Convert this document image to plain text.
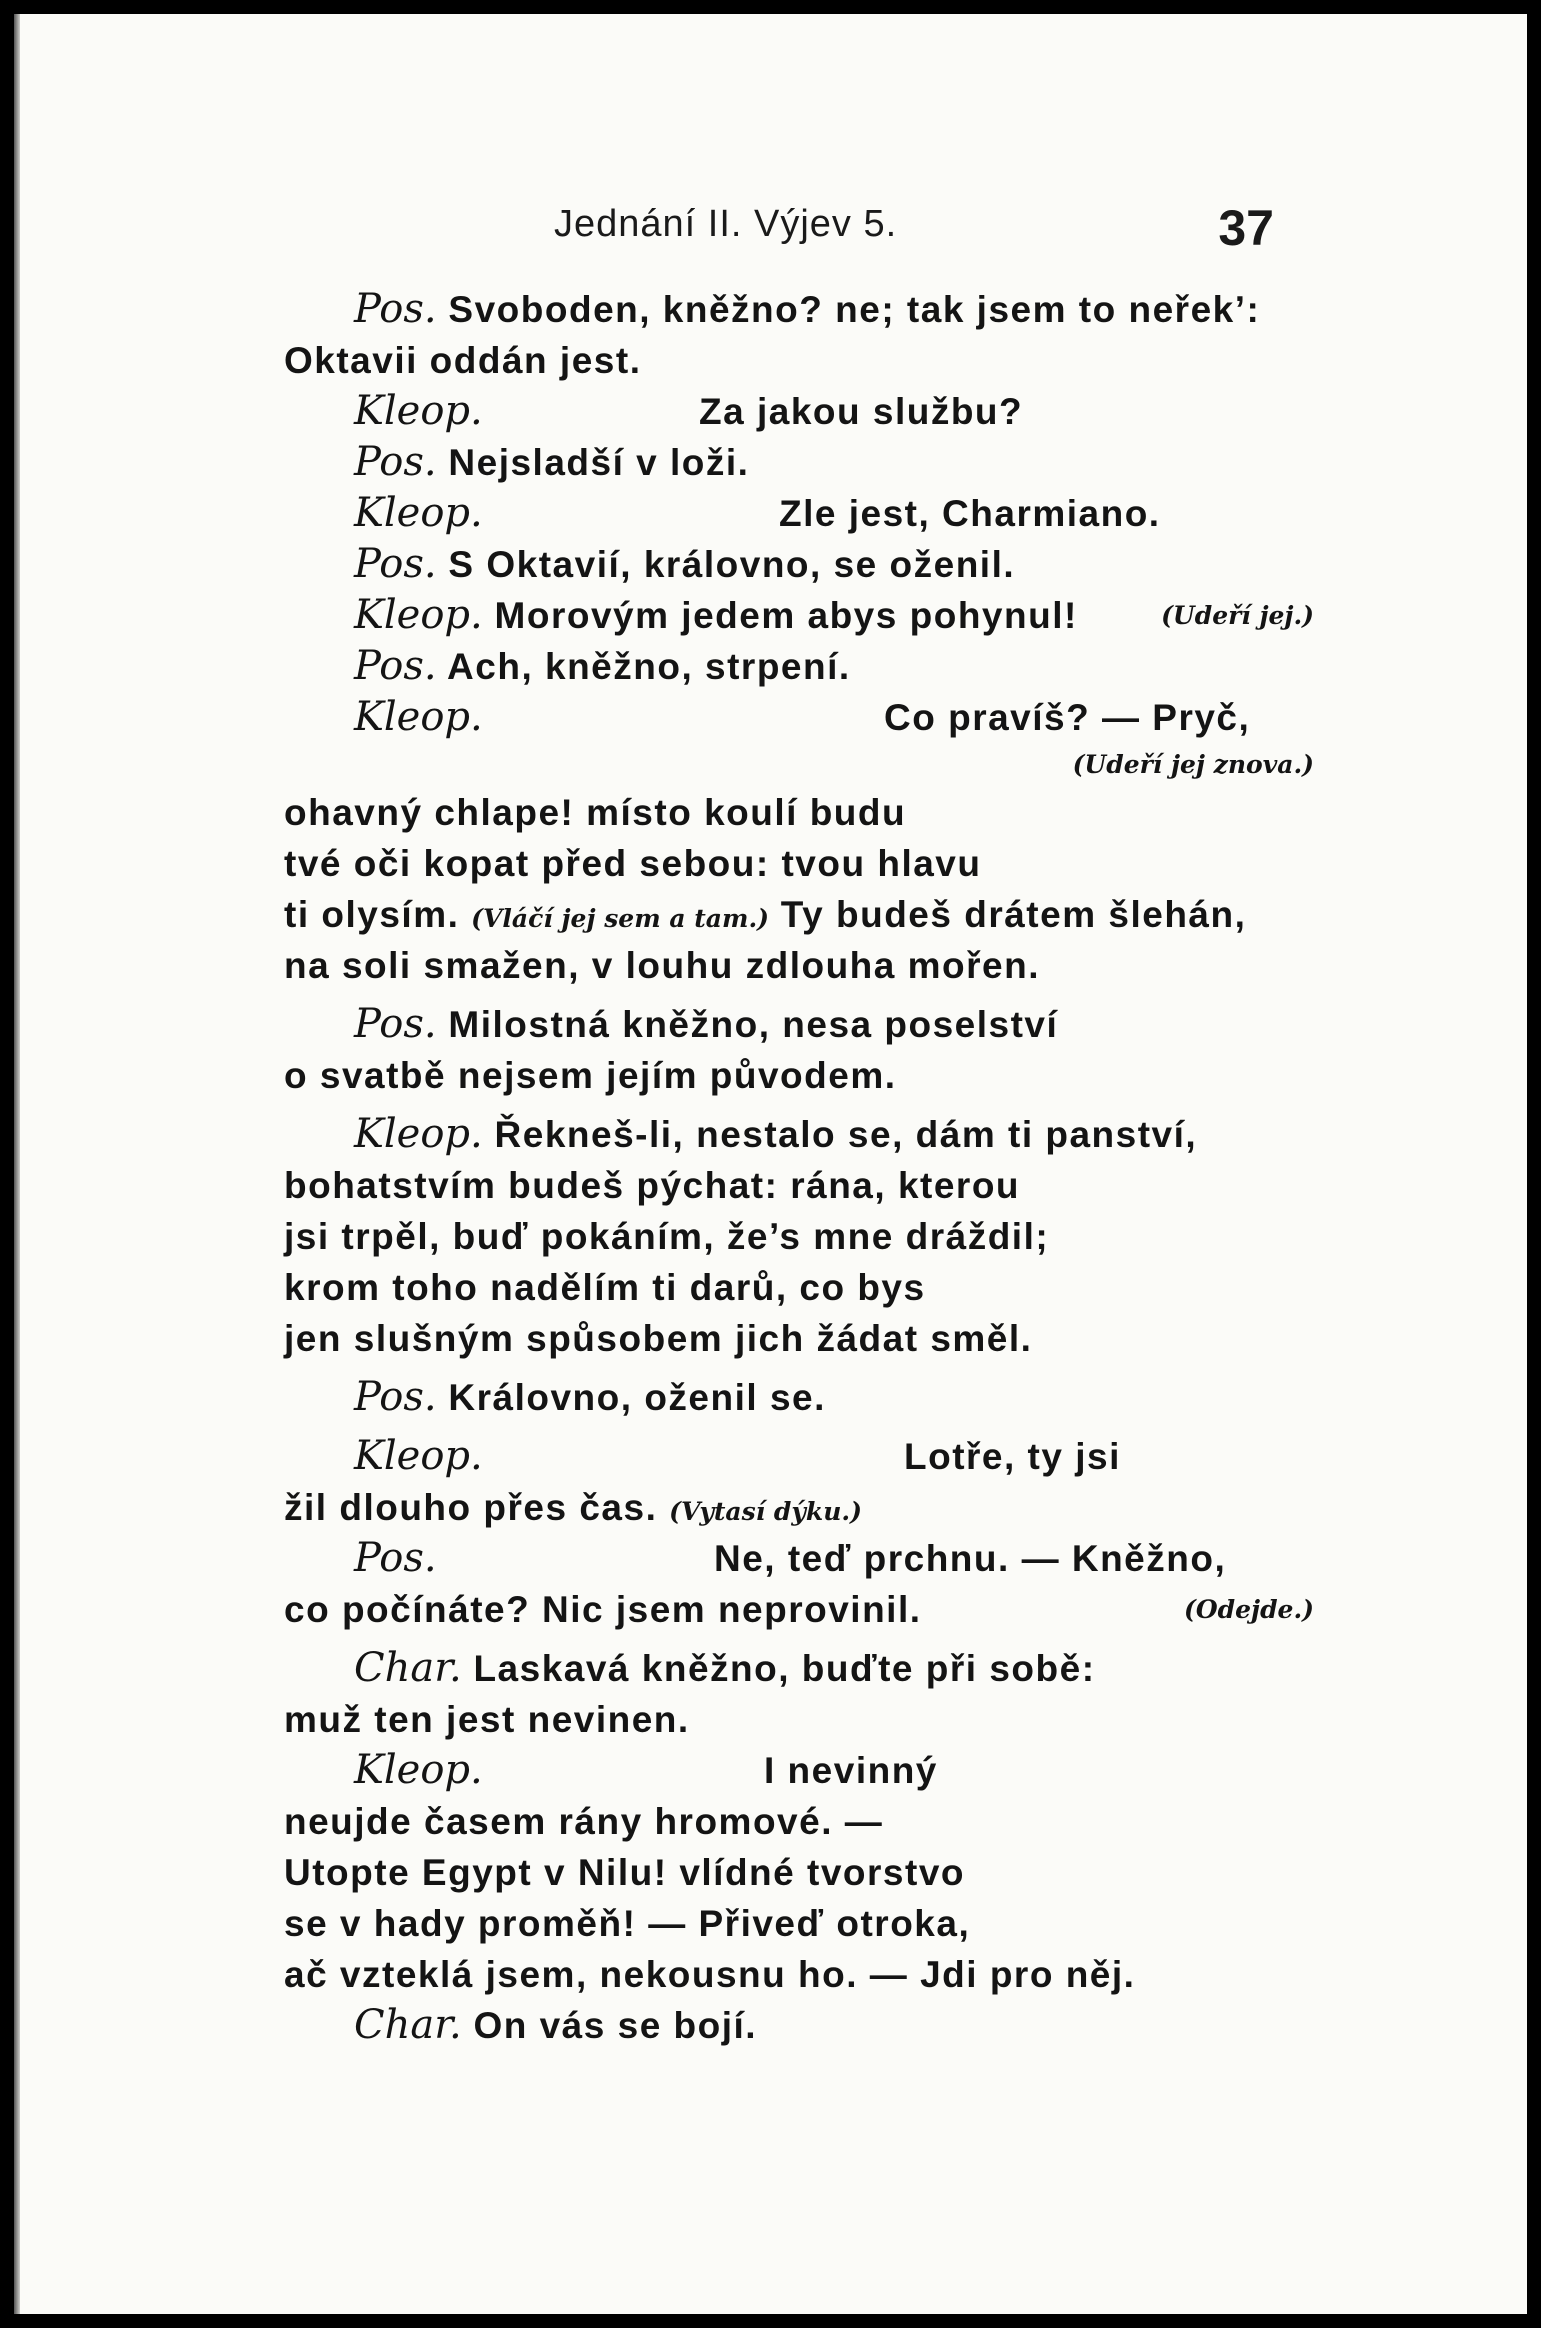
Jednání II. Výjev 5.	37
Pos. Svoboden, kněžno? ne; tak jsem to neřek’:
Oktavii oddán jest.
Kleop.	Za jakou službu?
Pos. Nejsladší v loži.
Kleop.	Zle jest, Charmiano.
Pos. S Oktavií, královno, se oženil.
Kleop. Morovým jedem abys pohynul!	(Udeří jej.)
Pos. Ach, kněžno, strpení.
Kleop.	Co pravíš? — Pryč,
(Udeří jej znova.)
ohavný chlape! místo koulí budu
tvé oči kopat před sebou: tvou hlavu
ti olysím. (Vláčí jej sem a tam.) Ty budeš drátem šlehán,
na soli smažen, v louhu zdlouha mořen.
Pos. Milostná kněžno, nesa poselství
o svatbě nejsem jejím původem.
Kleop. Řekneš-li, nestalo se, dám ti panství,
bohatstvím budeš pýchat: rána, kterou
jsi trpěl, buď pokáním, že’s mne dráždil;
krom toho nadělím ti darů, co bys
jen slušným spůsobem jich žádat směl.
Pos. Královno, oženil se.
Kleop.	Lotře, ty jsi
žil dlouho přes čas. (Vytasí dýku.)
Pos.	Ne, teď prchnu. — Kněžno,
co počínáte? Nic jsem neprovinil.	(Odejde.)
Char. Laskavá kněžno, buďte při sobě:
muž ten jest nevinen.
Kleop.	I nevinný
neujde časem rány hromové. —
Utopte Egypt v Nilu! vlídné tvorstvo
se v hady proměň! — Přiveď otroka,
ač vzteklá jsem, nekousnu ho. — Jdi pro něj.
Char. On vás se bojí.
